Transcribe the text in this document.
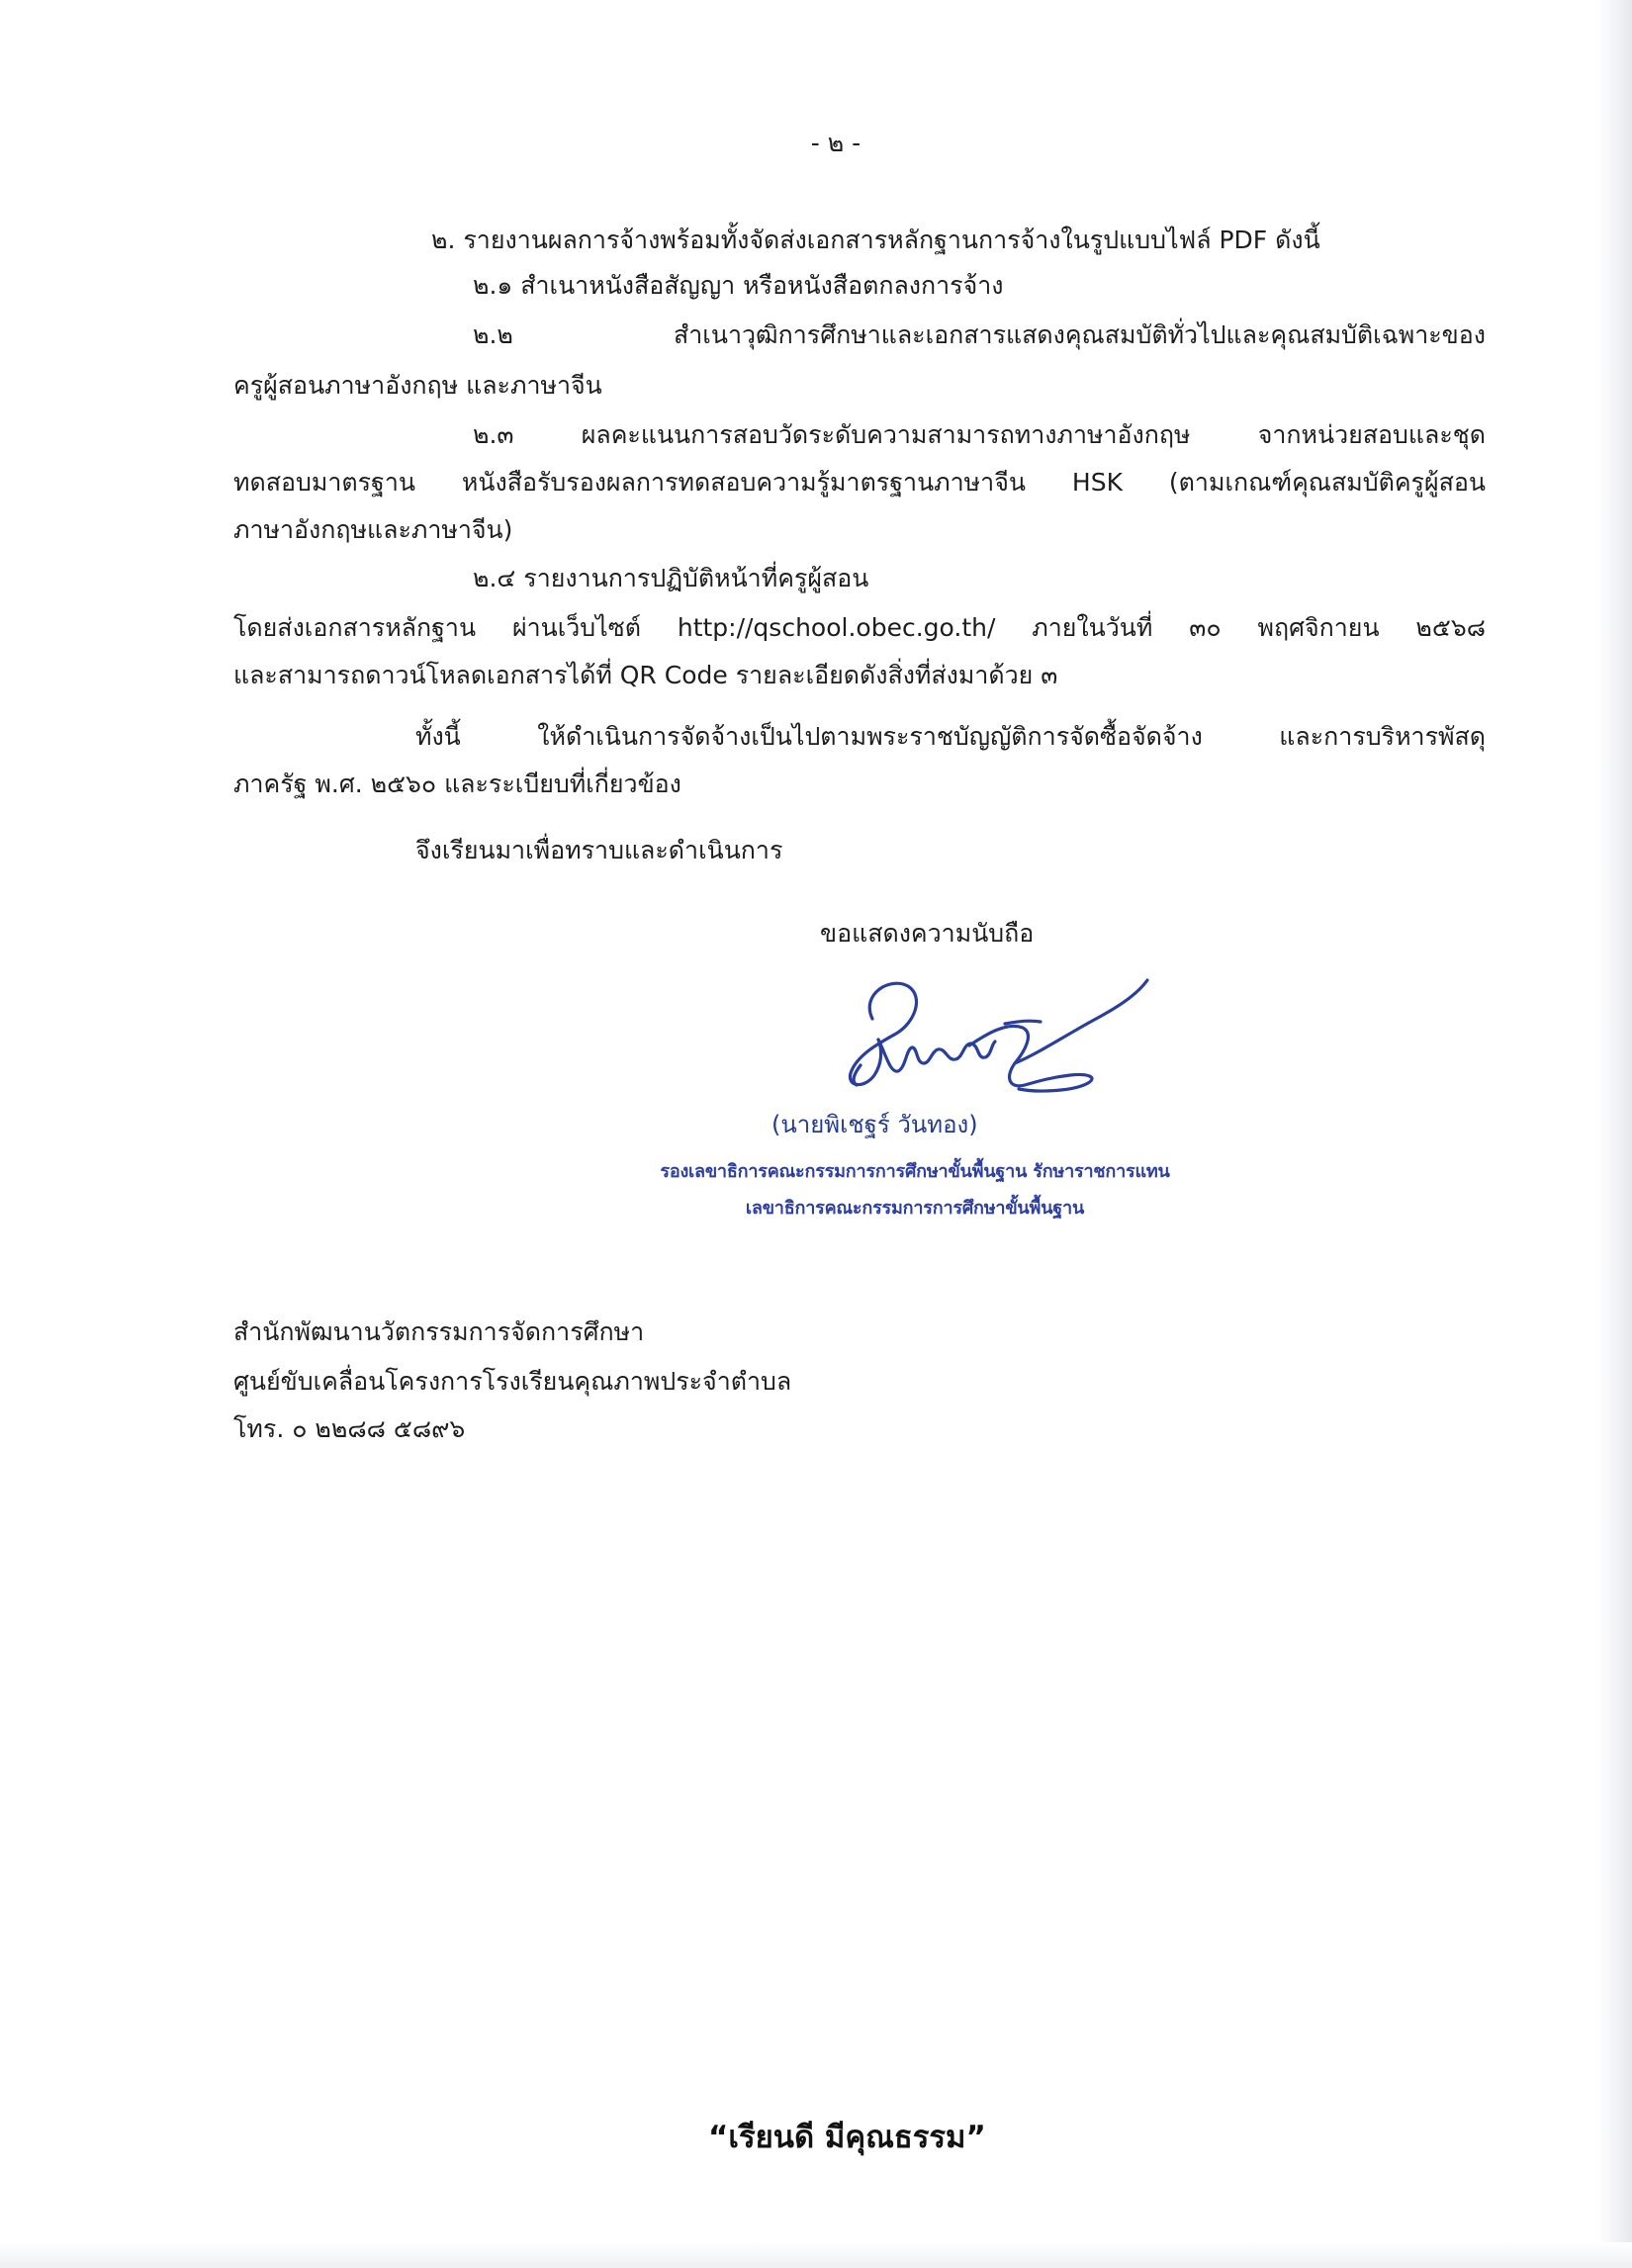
- ๒ -
๒. รายงานผลการจ้างพร้อมทั้งจัดส่งเอกสารหลักฐานการจ้างในรูปแบบไฟล์ PDF ดังนี้
๒.๑ สำเนาหนังสือสัญญา หรือหนังสือตกลงการจ้าง
๒.๒ สำเนาวุฒิการศึกษาและเอกสารแสดงคุณสมบัติทั่วไปและคุณสมบัติเฉพาะของ
ครูผู้สอนภาษาอังกฤษ และภาษาจีน
๒.๓ ผลคะแนนการสอบวัดระดับความสามารถทางภาษาอังกฤษ จากหน่วยสอบและชุด
ทดสอบมาตรฐาน หนังสือรับรองผลการทดสอบความรู้มาตรฐานภาษาจีน HSK (ตามเกณฑ์คุณสมบัติครูผู้สอน
ภาษาอังกฤษและภาษาจีน)
๒.๔ รายงานการปฏิบัติหน้าที่ครูผู้สอน
โดยส่งเอกสารหลักฐาน ผ่านเว็บไซต์ http://qschool.obec.go.th/ ภายในวันที่ ๓๐ พฤศจิกายน ๒๕๖๘
และสามารถดาวน์โหลดเอกสารได้ที่ QR Code รายละเอียดดังสิ่งที่ส่งมาด้วย ๓
ทั้งนี้ ให้ดำเนินการจัดจ้างเป็นไปตามพระราชบัญญัติการจัดซื้อจัดจ้าง และการบริหารพัสดุ
ภาครัฐ พ.ศ. ๒๕๖๐ และระเบียบที่เกี่ยวข้อง
จึงเรียนมาเพื่อทราบและดำเนินการ
ขอแสดงความนับถือ
(นายพิเชฐร์ วันทอง)
รองเลขาธิการคณะกรรมการการศึกษาขั้นพื้นฐาน รักษาราชการแทน
เลขาธิการคณะกรรมการการศึกษาขั้นพื้นฐาน
สำนักพัฒนานวัตกรรมการจัดการศึกษา
ศูนย์ขับเคลื่อนโครงการโรงเรียนคุณภาพประจำตำบล
โทร. ๐ ๒๒๘๘ ๕๘๙๖
“เรียนดี มีคุณธรรม”
